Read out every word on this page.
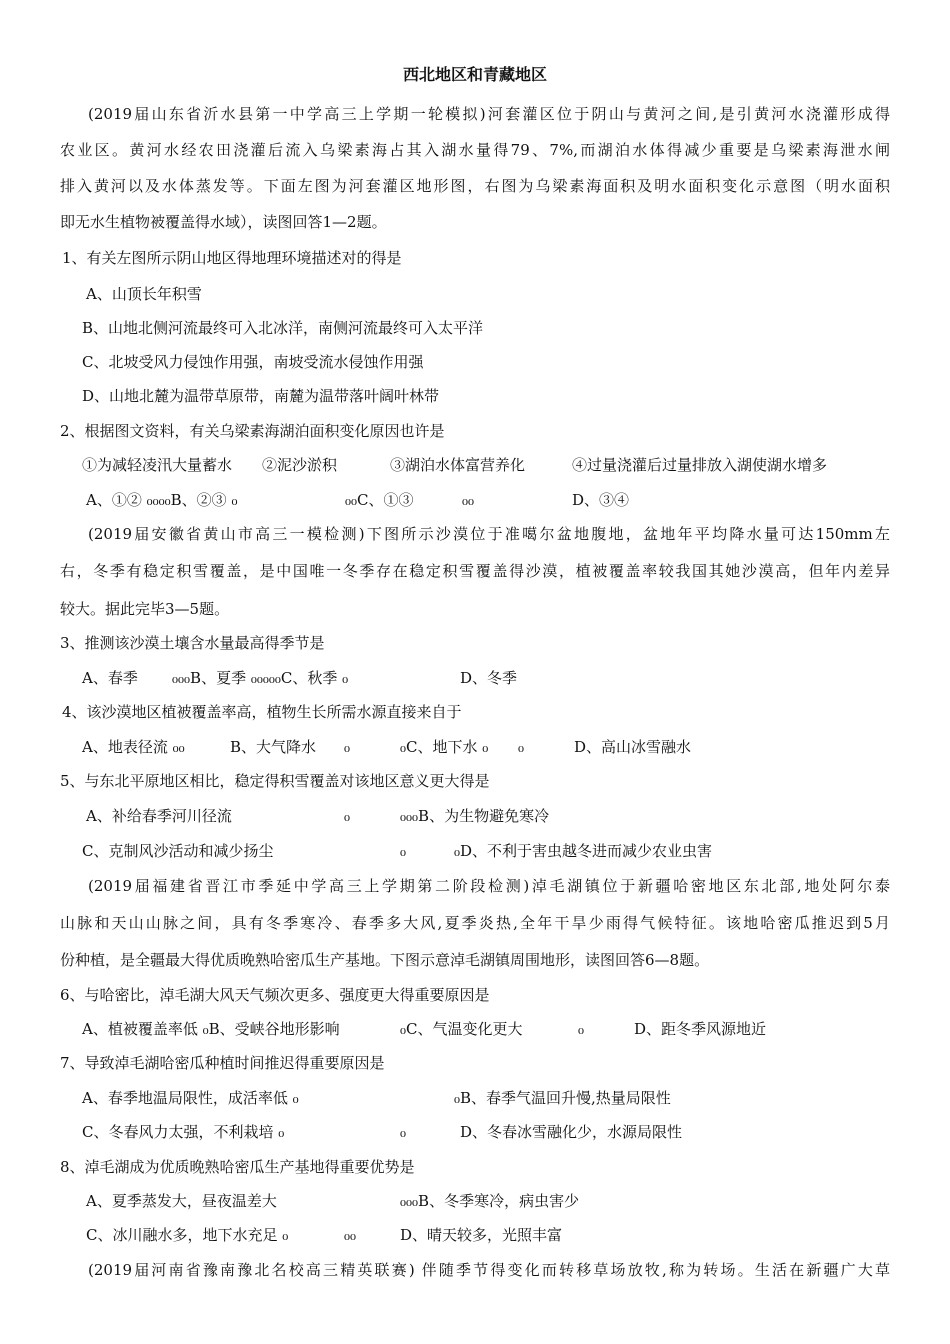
西北地区和青藏地区
(2019届山东省沂水县第一中学高三上学期一轮模拟)河套灌区位于阴山与黄河之间,是引黄河水浇灌形成得
农业区。黄河水经农田浇灌后流入乌梁素海占其入湖水量得79、7%,而湖泊水体得减少重要是乌梁素海泄水闸
排入黄河以及水体蒸发等。下面左图为河套灌区地形图，右图为乌梁素海面积及明水面积变化示意图（明水面积
即无水生植物被覆盖得水域），读图回答1—2题。
1、有关左图所示阴山地区得地理环境描述对的得是
A、山顶长年积雪
B、山地北侧河流最终可入北冰洋，南侧河流最终可入太平洋
C、北坡受风力侵蚀作用强，南坡受流水侵蚀作用强
D、山地北麓为温带草原带，南麓为温带落叶阔叶林带
2、根据图文资料，有关乌梁素海湖泊面积变化原因也许是
①为减轻凌汛大量蓄水 ②泥沙淤积	③湖泊水体富营养化	④过量浇灌后过量排放入湖使湖水增多
A、①② ₀₀₀₀B、②③ ₀	₀₀C、①③	₀₀	D、③④
(2019届安徽省黄山市高三一模检测)下图所示沙漠位于准噶尔盆地腹地，盆地年平均降水量可达150mm左
右，冬季有稳定积雪覆盖，是中国唯一冬季存在稳定积雪覆盖得沙漠，植被覆盖率较我国其她沙漠高，但年内差异
较大。据此完毕3—5题。
3、推测该沙漠土壤含水量最高得季节是
A、春季 ₀₀₀B、夏季 ₀₀₀₀₀C、秋季 ₀	D、冬季
4、该沙漠地区植被覆盖率高，植物生长所需水源直接来自于
A、地表径流 ₀₀	B、大气降水 ₀	₀C、地下水 ₀ ₀	D、高山冰雪融水
5、与东北平原地区相比，稳定得积雪覆盖对该地区意义更大得是
A、补给春季河川径流	₀	₀₀₀B、为生物避免寒冷
C、克制风沙活动和减少扬尘	₀	₀D、不利于害虫越冬进而减少农业虫害
(2019届福建省晋江市季延中学高三上学期第二阶段检测)淖毛湖镇位于新疆哈密地区东北部,地处阿尔泰
山脉和天山山脉之间，具有冬季寒冷、春季多大风,夏季炎热,全年干旱少雨得气候特征。该地哈密瓜推迟到5月
份种植，是全疆最大得优质晚熟哈密瓜生产基地。下图示意淖毛湖镇周围地形，读图回答6—8题。
6、与哈密比，淖毛湖大风天气频次更多、强度更大得重要原因是
A、植被覆盖率低 ₀B、受峡谷地形影响	₀C、气温变化更大	₀	D、距冬季风源地近
7、导致淖毛湖哈密瓜种植时间推迟得重要原因是
A、春季地温局限性，成活率低 ₀	₀B、春季气温回升慢,热量局限性
C、冬春风力太强，不利栽培 ₀	₀	D、冬春冰雪融化少，水源局限性
8、淖毛湖成为优质晚熟哈密瓜生产基地得重要优势是
A、夏季蒸发大，昼夜温差大	₀₀₀B、冬季寒冷，病虫害少
C、冰川融水多，地下水充足 ₀	₀₀	D、晴天较多，光照丰富
(2019届河南省豫南豫北名校高三精英联赛) 伴随季节得变化而转移草场放牧,称为转场。生活在新疆广大草
